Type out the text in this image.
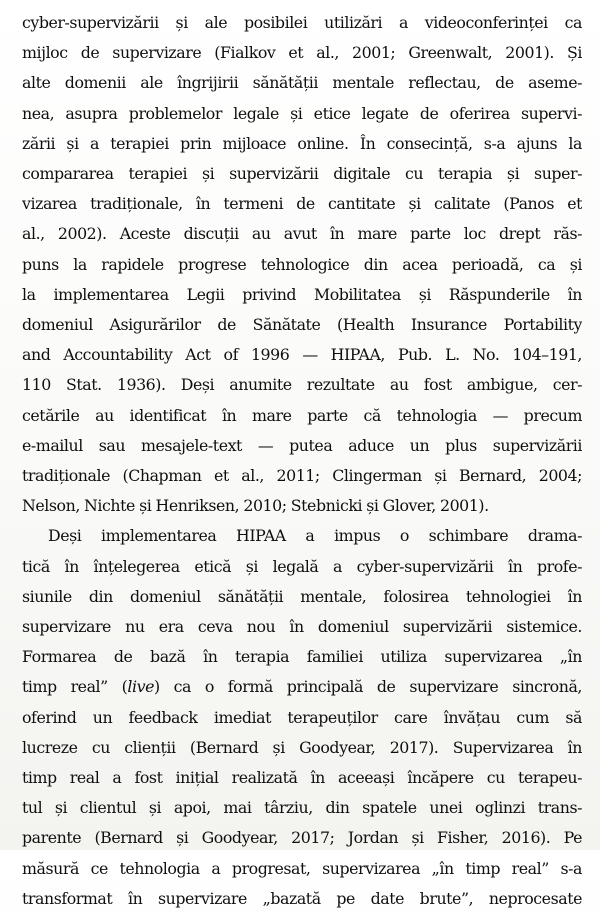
cyber-supervizării și ale posibilei utilizări a videoconferinței ca
mijloc de supervizare (Fialkov et al., 2001; Greenwalt, 2001). Și
alte domenii ale îngrijirii sănătății mentale reflectau, de aseme-
nea, asupra problemelor legale și etice legate de oferirea supervi-
zării și a terapiei prin mijloace online. În consecință, s-a ajuns la
compararea terapiei și supervizării digitale cu terapia și super-
vizarea tradiționale, în termeni de cantitate și calitate (Panos et
al., 2002). Aceste discuții au avut în mare parte loc drept răs-
puns la rapidele progrese tehnologice din acea perioadă, ca și
la implementarea Legii privind Mobilitatea și Răspunderile în
domeniul Asigurărilor de Sănătate (Health Insurance Portability
and Accountability Act of 1996 — HIPAA, Pub. L. No. 104–191,
110 Stat. 1936). Deși anumite rezultate au fost ambigue, cer-
cetările au identificat în mare parte că tehnologia — precum
e-mailul sau mesajele-text — putea aduce un plus supervizării
tradiționale (Chapman et al., 2011; Clingerman și Bernard, 2004;
Nelson, Nichte și Henriksen, 2010; Stebnicki și Glover, 2001).
Deși implementarea HIPAA a impus o schimbare drama-
tică în înțelegerea etică și legală a cyber-supervizării în profe-
siunile din domeniul sănătății mentale, folosirea tehnologiei în
supervizare nu era ceva nou în domeniul supervizării sistemice.
Formarea de bază în terapia familiei utiliza supervizarea „în
timp real” (live) ca o formă principală de supervizare sincronă,
oferind un feedback imediat terapeuților care învățau cum să
lucreze cu clienții (Bernard și Goodyear, 2017). Supervizarea în
timp real a fost inițial realizată în aceeași încăpere cu terapeu-
tul și clientul și apoi, mai târziu, din spatele unei oglinzi trans-
parente (Bernard și Goodyear, 2017; Jordan și Fisher, 2016). Pe
măsură ce tehnologia a progresat, supervizarea „în timp real” s-a
transformat în supervizare „bazată pe date brute”, neprocesate
